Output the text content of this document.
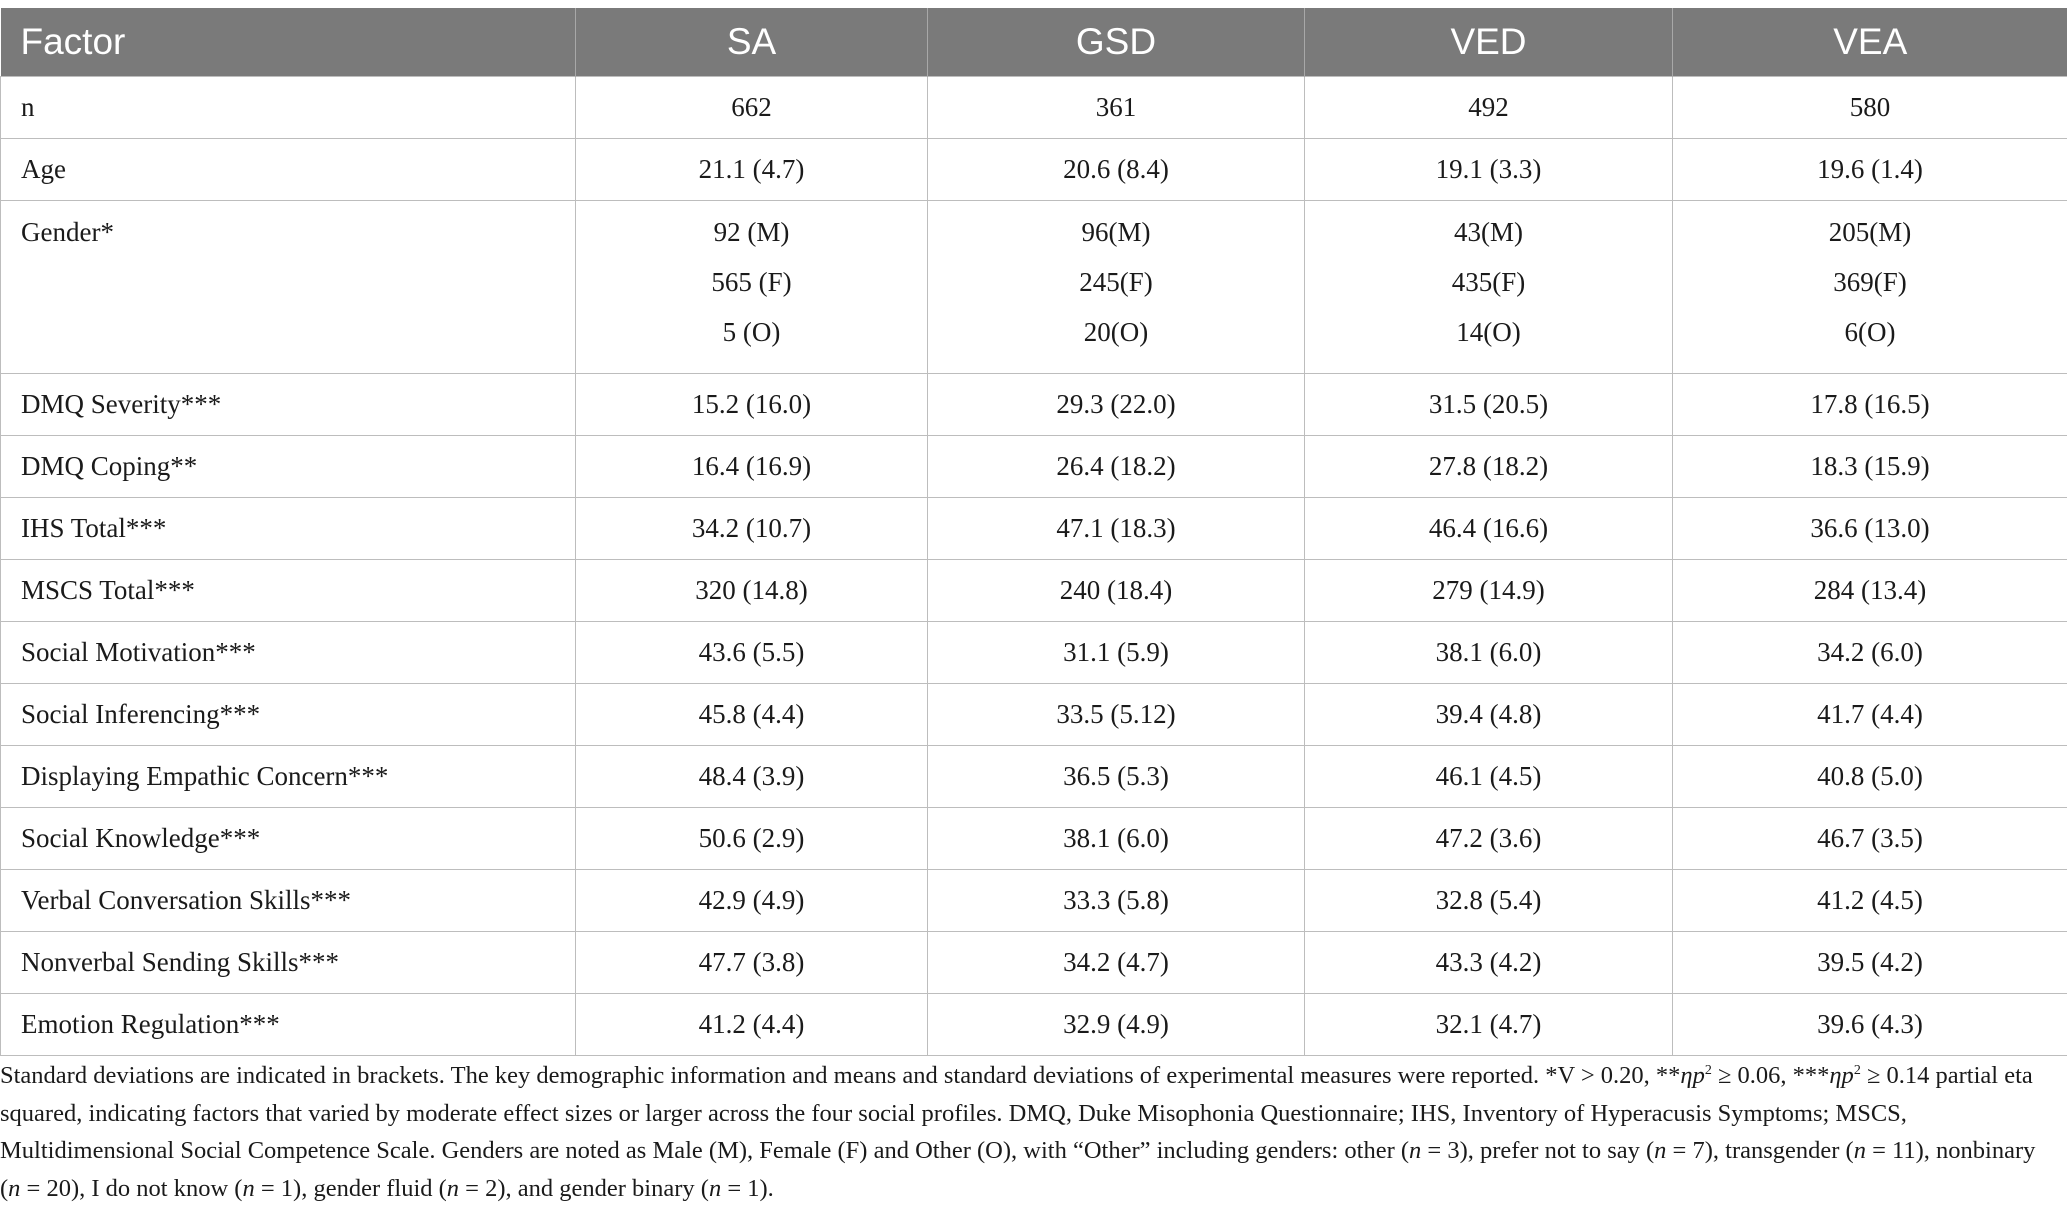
Factor	SA	GSD	VED	VEA
n	662	361	492	580
Age	21.1 (4.7)	20.6 (8.4)	19.1 (3.3)	19.6 (1.4)

Gender*	92 (M)
565 (F)
5 (O)	96(M)
245(F)
20(O)	43(M)
435(F)
14(O)	205(M)
369(F)
6(O)

DMQ Severity***	15.2 (16.0)	29.3 (22.0)	31.5 (20.5)	17.8 (16.5)
DMQ Coping**	16.4 (16.9)	26.4 (18.2)	27.8 (18.2)	18.3 (15.9)
IHS Total***	34.2 (10.7)	47.1 (18.3)	46.4 (16.6)	36.6 (13.0)
MSCS Total***	320 (14.8)	240 (18.4)	279 (14.9)	284 (13.4)
Social Motivation***	43.6 (5.5)	31.1 (5.9)	38.1 (6.0)	34.2 (6.0)
Social Inferencing***	45.8 (4.4)	33.5 (5.12)	39.4 (4.8)	41.7 (4.4)
Displaying Empathic Concern***	48.4 (3.9)	36.5 (5.3)	46.1 (4.5)	40.8 (5.0)
Social Knowledge***	50.6 (2.9)	38.1 (6.0)	47.2 (3.6)	46.7 (3.5)
Verbal Conversation Skills***	42.9 (4.9)	33.3 (5.8)	32.8 (5.4)	41.2 (4.5)
Nonverbal Sending Skills***	47.7 (3.8)	34.2 (4.7)	43.3 (4.2)	39.5 (4.2)
Emotion Regulation***	41.2 (4.4)	32.9 (4.9)	32.1 (4.7)	39.6 (4.3)
Standard deviations are indicated in brackets. The key demographic information and means and standard deviations of experimental measures were reported. *V > 0.20, $**\eta p^2 \ge 0.06$, $***\eta p^2 \ge 0.14$ partial eta squared, indicating factors that varied by moderate effect sizes or larger across the four social profiles. DMQ, Duke Misophonia Questionnaire; IHS, Inventory of Hyperacusis Symptoms; MSCS, Multidimensional Social Competence Scale. Genders are noted as Male (M), Female (F) and Other (O), with “Other” including genders: other (n = 3), prefer not to say (n = 7), transgender (n = 11), nonbinary (n = 20), I do not know (n = 1), gender fluid (n = 2), and gender binary (n = 1).
